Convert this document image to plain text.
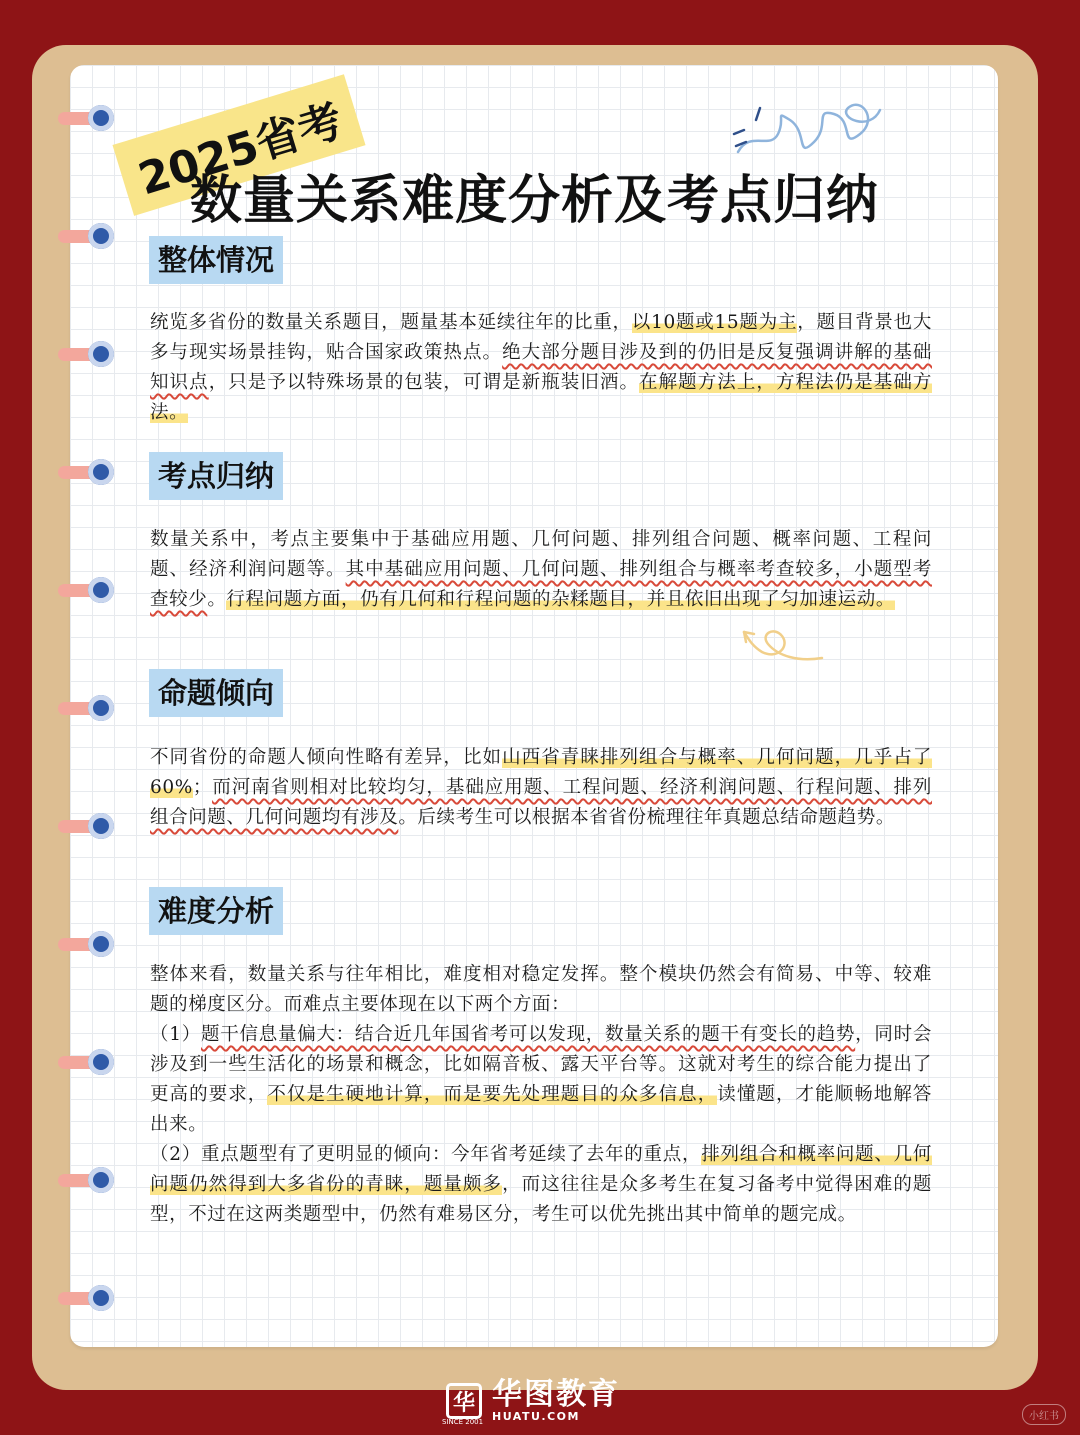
2025省考
数量关系难度分析及考点归纳
整体情况
统览多省份的数量关系题目，题量基本延续往年的比重，以10题或15题为主，题目背景也大多与现实场景挂钩，贴合国家政策热点。绝大部分题目涉及到的仍旧是反复强调讲解的基础知识点，只是予以特殊场景的包装，可谓是新瓶装旧酒。在解题方法上，方程法仍是基础方法。
考点归纳
数量关系中，考点主要集中于基础应用题、几何问题、排列组合问题、概率问题、工程问题、经济利润问题等。其中基础应用问题、几何问题、排列组合与概率考查较多，小题型考查较少。行程问题方面，仍有几何和行程问题的杂糅题目，并且依旧出现了匀加速运动。
命题倾向
不同省份的命题人倾向性略有差异，比如山西省青睐排列组合与概率、几何问题，几乎占了60%；而河南省则相对比较均匀，基础应用题、工程问题、经济利润问题、行程问题、排列组合问题、几何问题均有涉及。后续考生可以根据本省省份梳理往年真题总结命题趋势。
难度分析
整体来看，数量关系与往年相比，难度相对稳定发挥。整个模块仍然会有简易、中等、较难题的梯度区分。而难点主要体现在以下两个方面：
（1）题干信息量偏大：结合近几年国省考可以发现，数量关系的题干有变长的趋势，同时会涉及到一些生活化的场景和概念，比如隔音板、露天平台等。这就对考生的综合能力提出了更高的要求，不仅是生硬地计算，而是要先处理题目的众多信息，读懂题，才能顺畅地解答出来。
（2）重点题型有了更明显的倾向：今年省考延续了去年的重点，排列组合和概率问题、几何问题仍然得到大多省份的青睐，题量颇多，而这往往是众多考生在复习备考中觉得困难的题型，不过在这两类题型中，仍然有难易区分，考生可以优先挑出其中简单的题完成。
华 华图教育
HUATU.COM
SINCE 2001	小红书
